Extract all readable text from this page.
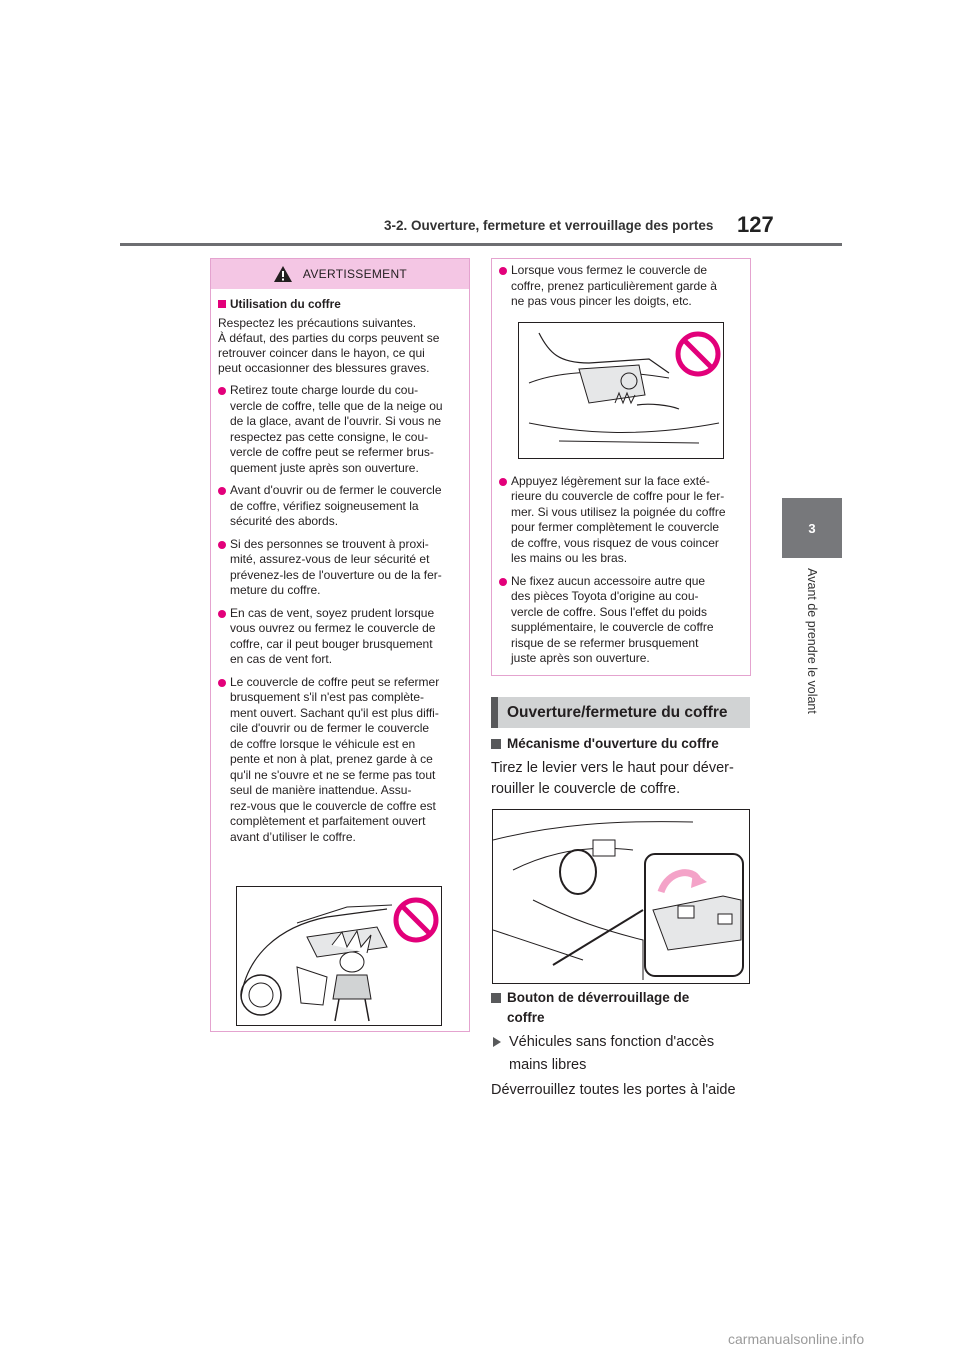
3-2. Ouverture, fermeture et verrouillage des portes 127
3
Avant de prendre le volant
AVERTISSEMENT
Utilisation du coffre
Respectez les précautions suivantes.
À défaut, des parties du corps peuvent se
retrouver coincer dans le hayon, ce qui
peut occasionner des blessures graves.
Retirez toute charge lourde du cou-
vercle de coffre, telle que de la neige ou
de la glace, avant de l'ouvrir. Si vous ne
respectez pas cette consigne, le cou-
vercle de coffre peut se refermer brus-
quement juste après son ouverture.
Avant d'ouvrir ou de fermer le couvercle
de coffre, vérifiez soigneusement la
sécurité des abords.
Si des personnes se trouvent à proxi-
mité, assurez-vous de leur sécurité et
prévenez-les de l'ouverture ou de la fer-
meture du coffre.
En cas de vent, soyez prudent lorsque
vous ouvrez ou fermez le couvercle de
coffre, car il peut bouger brusquement
en cas de vent fort.
Le couvercle de coffre peut se refermer
brusquement s'il n'est pas complète-
ment ouvert. Sachant qu'il est plus diffi-
cile d'ouvrir ou de fermer le couvercle
de coffre lorsque le véhicule est en
pente et non à plat, prenez garde à ce
qu'il ne s'ouvre et ne se ferme pas tout
seul de manière inattendue. Assu-
rez-vous que le couvercle de coffre est
complètement et parfaitement ouvert
avant d’utiliser le coffre.
Lorsque vous fermez le couvercle de
coffre, prenez particulièrement garde à
ne pas vous pincer les doigts, etc.
Appuyez légèrement sur la face exté-
rieure du couvercle de coffre pour le fer-
mer. Si vous utilisez la poignée du coffre
pour fermer complètement le couvercle
de coffre, vous risquez de vous coincer
les mains ou les bras.
Ne fixez aucun accessoire autre que
des pièces Toyota d'origine au cou-
vercle de coffre. Sous l'effet du poids
supplémentaire, le couvercle de coffre
risque de se refermer brusquement
juste après son ouverture.
Ouverture/fermeture du coffre
Mécanisme d'ouverture du coffre
Tirez le levier vers le haut pour déver-
rouiller le couvercle de coffre.
Bouton de déverrouillage de
coffre
Véhicules sans fonction d'accès
mains libres
Déverrouillez toutes les portes à l'aide
carmanualsonline.info
